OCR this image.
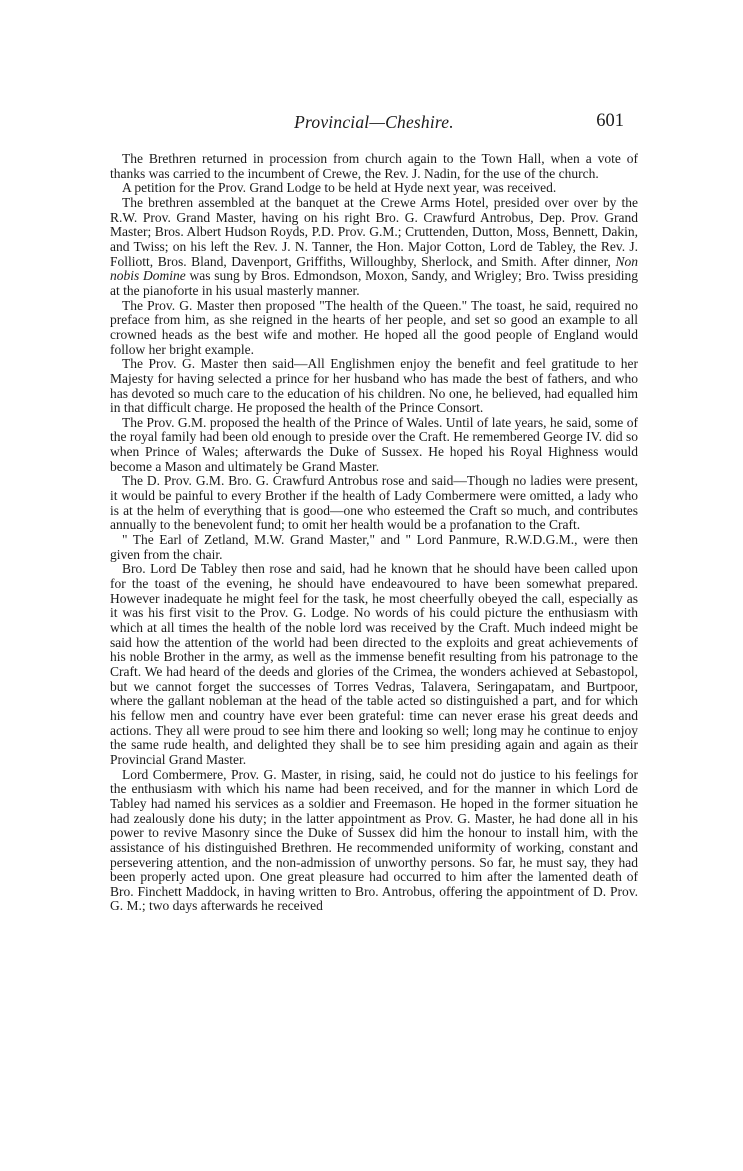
Provincial—Cheshire.	601

The Brethren returned in procession from church again to the Town Hall, when a vote of thanks was carried to the incumbent of Crewe, the Rev. J. Nadin, for the use of the church.

A petition for the Prov. Grand Lodge to be held at Hyde next year, was received.

The brethren assembled at the banquet at the Crewe Arms Hotel, presided over over by the R.W. Prov. Grand Master, having on his right Bro. G. Crawfurd Antrobus, Dep. Prov. Grand Master; Bros. Albert Hudson Royds, P.D. Prov. G.M.; Cruttenden, Dutton, Moss, Bennett, Dakin, and Twiss; on his left the Rev. J. N. Tanner, the Hon. Major Cotton, Lord de Tabley, the Rev. J. Folliott, Bros. Bland, Davenport, Griffiths, Willoughby, Sherlock, and Smith. After dinner, Non nobis Domine was sung by Bros. Edmondson, Moxon, Sandy, and Wrigley; Bro. Twiss presiding at the pianoforte in his usual masterly manner.

The Prov. G. Master then proposed "The health of the Queen." The toast, he said, required no preface from him, as she reigned in the hearts of her people, and set so good an example to all crowned heads as the best wife and mother. He hoped all the good people of England would follow her bright example.

The Prov. G. Master then said—All Englishmen enjoy the benefit and feel gratitude to her Majesty for having selected a prince for her husband who has made the best of fathers, and who has devoted so much care to the education of his children. No one, he believed, had equalled him in that difficult charge. He proposed the health of the Prince Consort.

The Prov. G.M. proposed the health of the Prince of Wales. Until of late years, he said, some of the royal family had been old enough to preside over the Craft. He remembered George IV. did so when Prince of Wales; afterwards the Duke of Sussex. He hoped his Royal Highness would become a Mason and ultimately be Grand Master.

The D. Prov. G.M. Bro. G. Crawfurd Antrobus rose and said—Though no ladies were present, it would be painful to every Brother if the health of Lady Combermere were omitted, a lady who is at the helm of everything that is good—one who esteemed the Craft so much, and contributes annually to the benevolent fund; to omit her health would be a profanation to the Craft.

" The Earl of Zetland, M.W. Grand Master," and " Lord Panmure, R.W.D.G.M., were then given from the chair.

Bro. Lord De Tabley then rose and said, had he known that he should have been called upon for the toast of the evening, he should have endeavoured to have been somewhat prepared. However inadequate he might feel for the task, he most cheerfully obeyed the call, especially as it was his first visit to the Prov. G. Lodge. No words of his could picture the enthusiasm with which at all times the health of the noble lord was received by the Craft. Much indeed might be said how the attention of the world had been directed to the exploits and great achievements of his noble Brother in the army, as well as the immense benefit resulting from his patronage to the Craft. We had heard of the deeds and glories of the Crimea, the wonders achieved at Sebastopol, but we cannot forget the successes of Torres Vedras, Talavera, Seringapatam, and Burtpoor, where the gallant nobleman at the head of the table acted so distinguished a part, and for which his fellow men and country have ever been grateful: time can never erase his great deeds and actions. They all were proud to see him there and looking so well; long may he continue to enjoy the same rude health, and delighted they shall be to see him presiding again and again as their Provincial Grand Master.

Lord Combermere, Prov. G. Master, in rising, said, he could not do justice to his feelings for the enthusiasm with which his name had been received, and for the manner in which Lord de Tabley had named his services as a soldier and Freemason. He hoped in the former situation he had zealously done his duty; in the latter appointment as Prov. G. Master, he had done all in his power to revive Masonry since the Duke of Sussex did him the honour to install him, with the assistance of his distinguished Brethren. He recommended uniformity of working, constant and persevering attention, and the non-admission of unworthy persons. So far, he must say, they had been properly acted upon. One great pleasure had occurred to him after the lamented death of Bro. Finchett Maddock, in having written to Bro. Antrobus, offering the appointment of D. Prov. G. M.; two days afterwards he received
